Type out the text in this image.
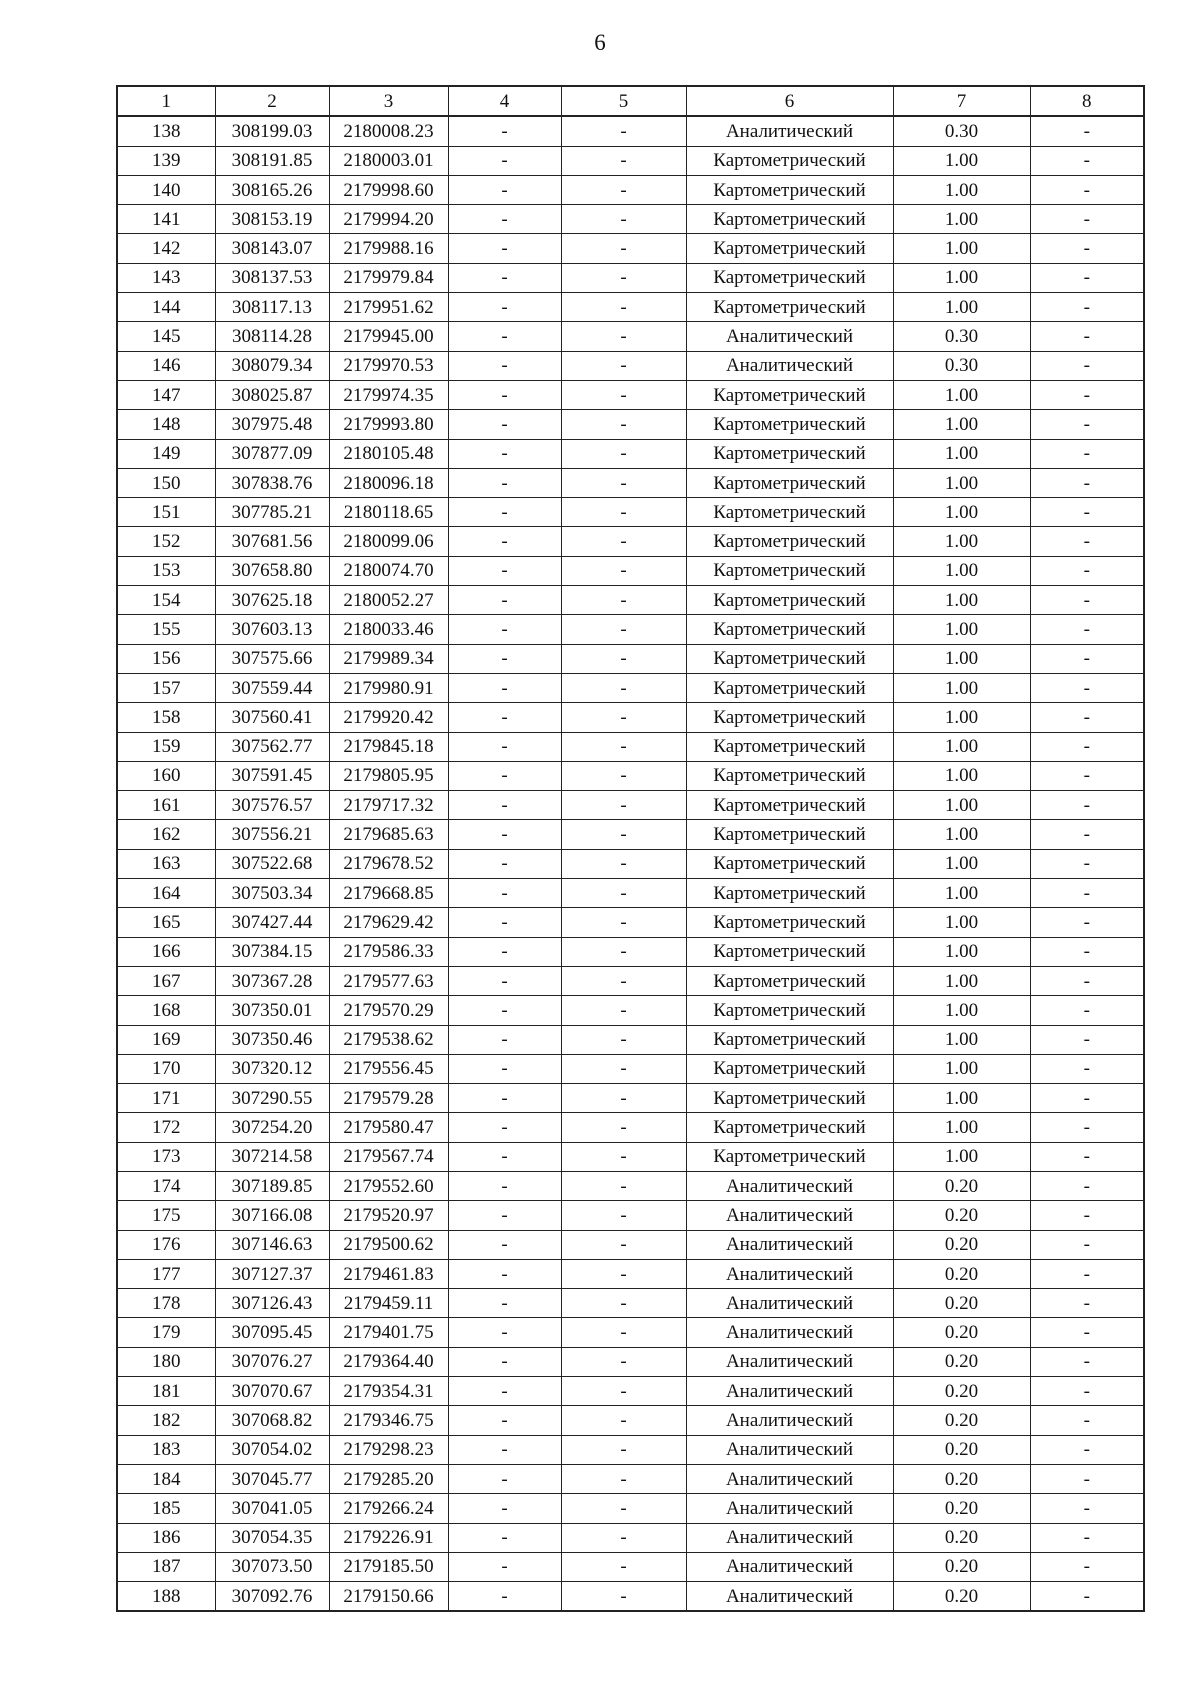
6
1	2	3	4	5	6	7	8
138	308199.03	2180008.23	-	-	Аналитический	0.30	-
139	308191.85	2180003.01	-	-	Картометрический	1.00	-
140	308165.26	2179998.60	-	-	Картометрический	1.00	-
141	308153.19	2179994.20	-	-	Картометрический	1.00	-
142	308143.07	2179988.16	-	-	Картометрический	1.00	-
143	308137.53	2179979.84	-	-	Картометрический	1.00	-
144	308117.13	2179951.62	-	-	Картометрический	1.00	-
145	308114.28	2179945.00	-	-	Аналитический	0.30	-
146	308079.34	2179970.53	-	-	Аналитический	0.30	-
147	308025.87	2179974.35	-	-	Картометрический	1.00	-
148	307975.48	2179993.80	-	-	Картометрический	1.00	-
149	307877.09	2180105.48	-	-	Картометрический	1.00	-
150	307838.76	2180096.18	-	-	Картометрический	1.00	-
151	307785.21	2180118.65	-	-	Картометрический	1.00	-
152	307681.56	2180099.06	-	-	Картометрический	1.00	-
153	307658.80	2180074.70	-	-	Картометрический	1.00	-
154	307625.18	2180052.27	-	-	Картометрический	1.00	-
155	307603.13	2180033.46	-	-	Картометрический	1.00	-
156	307575.66	2179989.34	-	-	Картометрический	1.00	-
157	307559.44	2179980.91	-	-	Картометрический	1.00	-
158	307560.41	2179920.42	-	-	Картометрический	1.00	-
159	307562.77	2179845.18	-	-	Картометрический	1.00	-
160	307591.45	2179805.95	-	-	Картометрический	1.00	-
161	307576.57	2179717.32	-	-	Картометрический	1.00	-
162	307556.21	2179685.63	-	-	Картометрический	1.00	-
163	307522.68	2179678.52	-	-	Картометрический	1.00	-
164	307503.34	2179668.85	-	-	Картометрический	1.00	-
165	307427.44	2179629.42	-	-	Картометрический	1.00	-
166	307384.15	2179586.33	-	-	Картометрический	1.00	-
167	307367.28	2179577.63	-	-	Картометрический	1.00	-
168	307350.01	2179570.29	-	-	Картометрический	1.00	-
169	307350.46	2179538.62	-	-	Картометрический	1.00	-
170	307320.12	2179556.45	-	-	Картометрический	1.00	-
171	307290.55	2179579.28	-	-	Картометрический	1.00	-
172	307254.20	2179580.47	-	-	Картометрический	1.00	-
173	307214.58	2179567.74	-	-	Картометрический	1.00	-
174	307189.85	2179552.60	-	-	Аналитический	0.20	-
175	307166.08	2179520.97	-	-	Аналитический	0.20	-
176	307146.63	2179500.62	-	-	Аналитический	0.20	-
177	307127.37	2179461.83	-	-	Аналитический	0.20	-
178	307126.43	2179459.11	-	-	Аналитический	0.20	-
179	307095.45	2179401.75	-	-	Аналитический	0.20	-
180	307076.27	2179364.40	-	-	Аналитический	0.20	-
181	307070.67	2179354.31	-	-	Аналитический	0.20	-
182	307068.82	2179346.75	-	-	Аналитический	0.20	-
183	307054.02	2179298.23	-	-	Аналитический	0.20	-
184	307045.77	2179285.20	-	-	Аналитический	0.20	-
185	307041.05	2179266.24	-	-	Аналитический	0.20	-
186	307054.35	2179226.91	-	-	Аналитический	0.20	-
187	307073.50	2179185.50	-	-	Аналитический	0.20	-
188	307092.76	2179150.66	-	-	Аналитический	0.20	-
